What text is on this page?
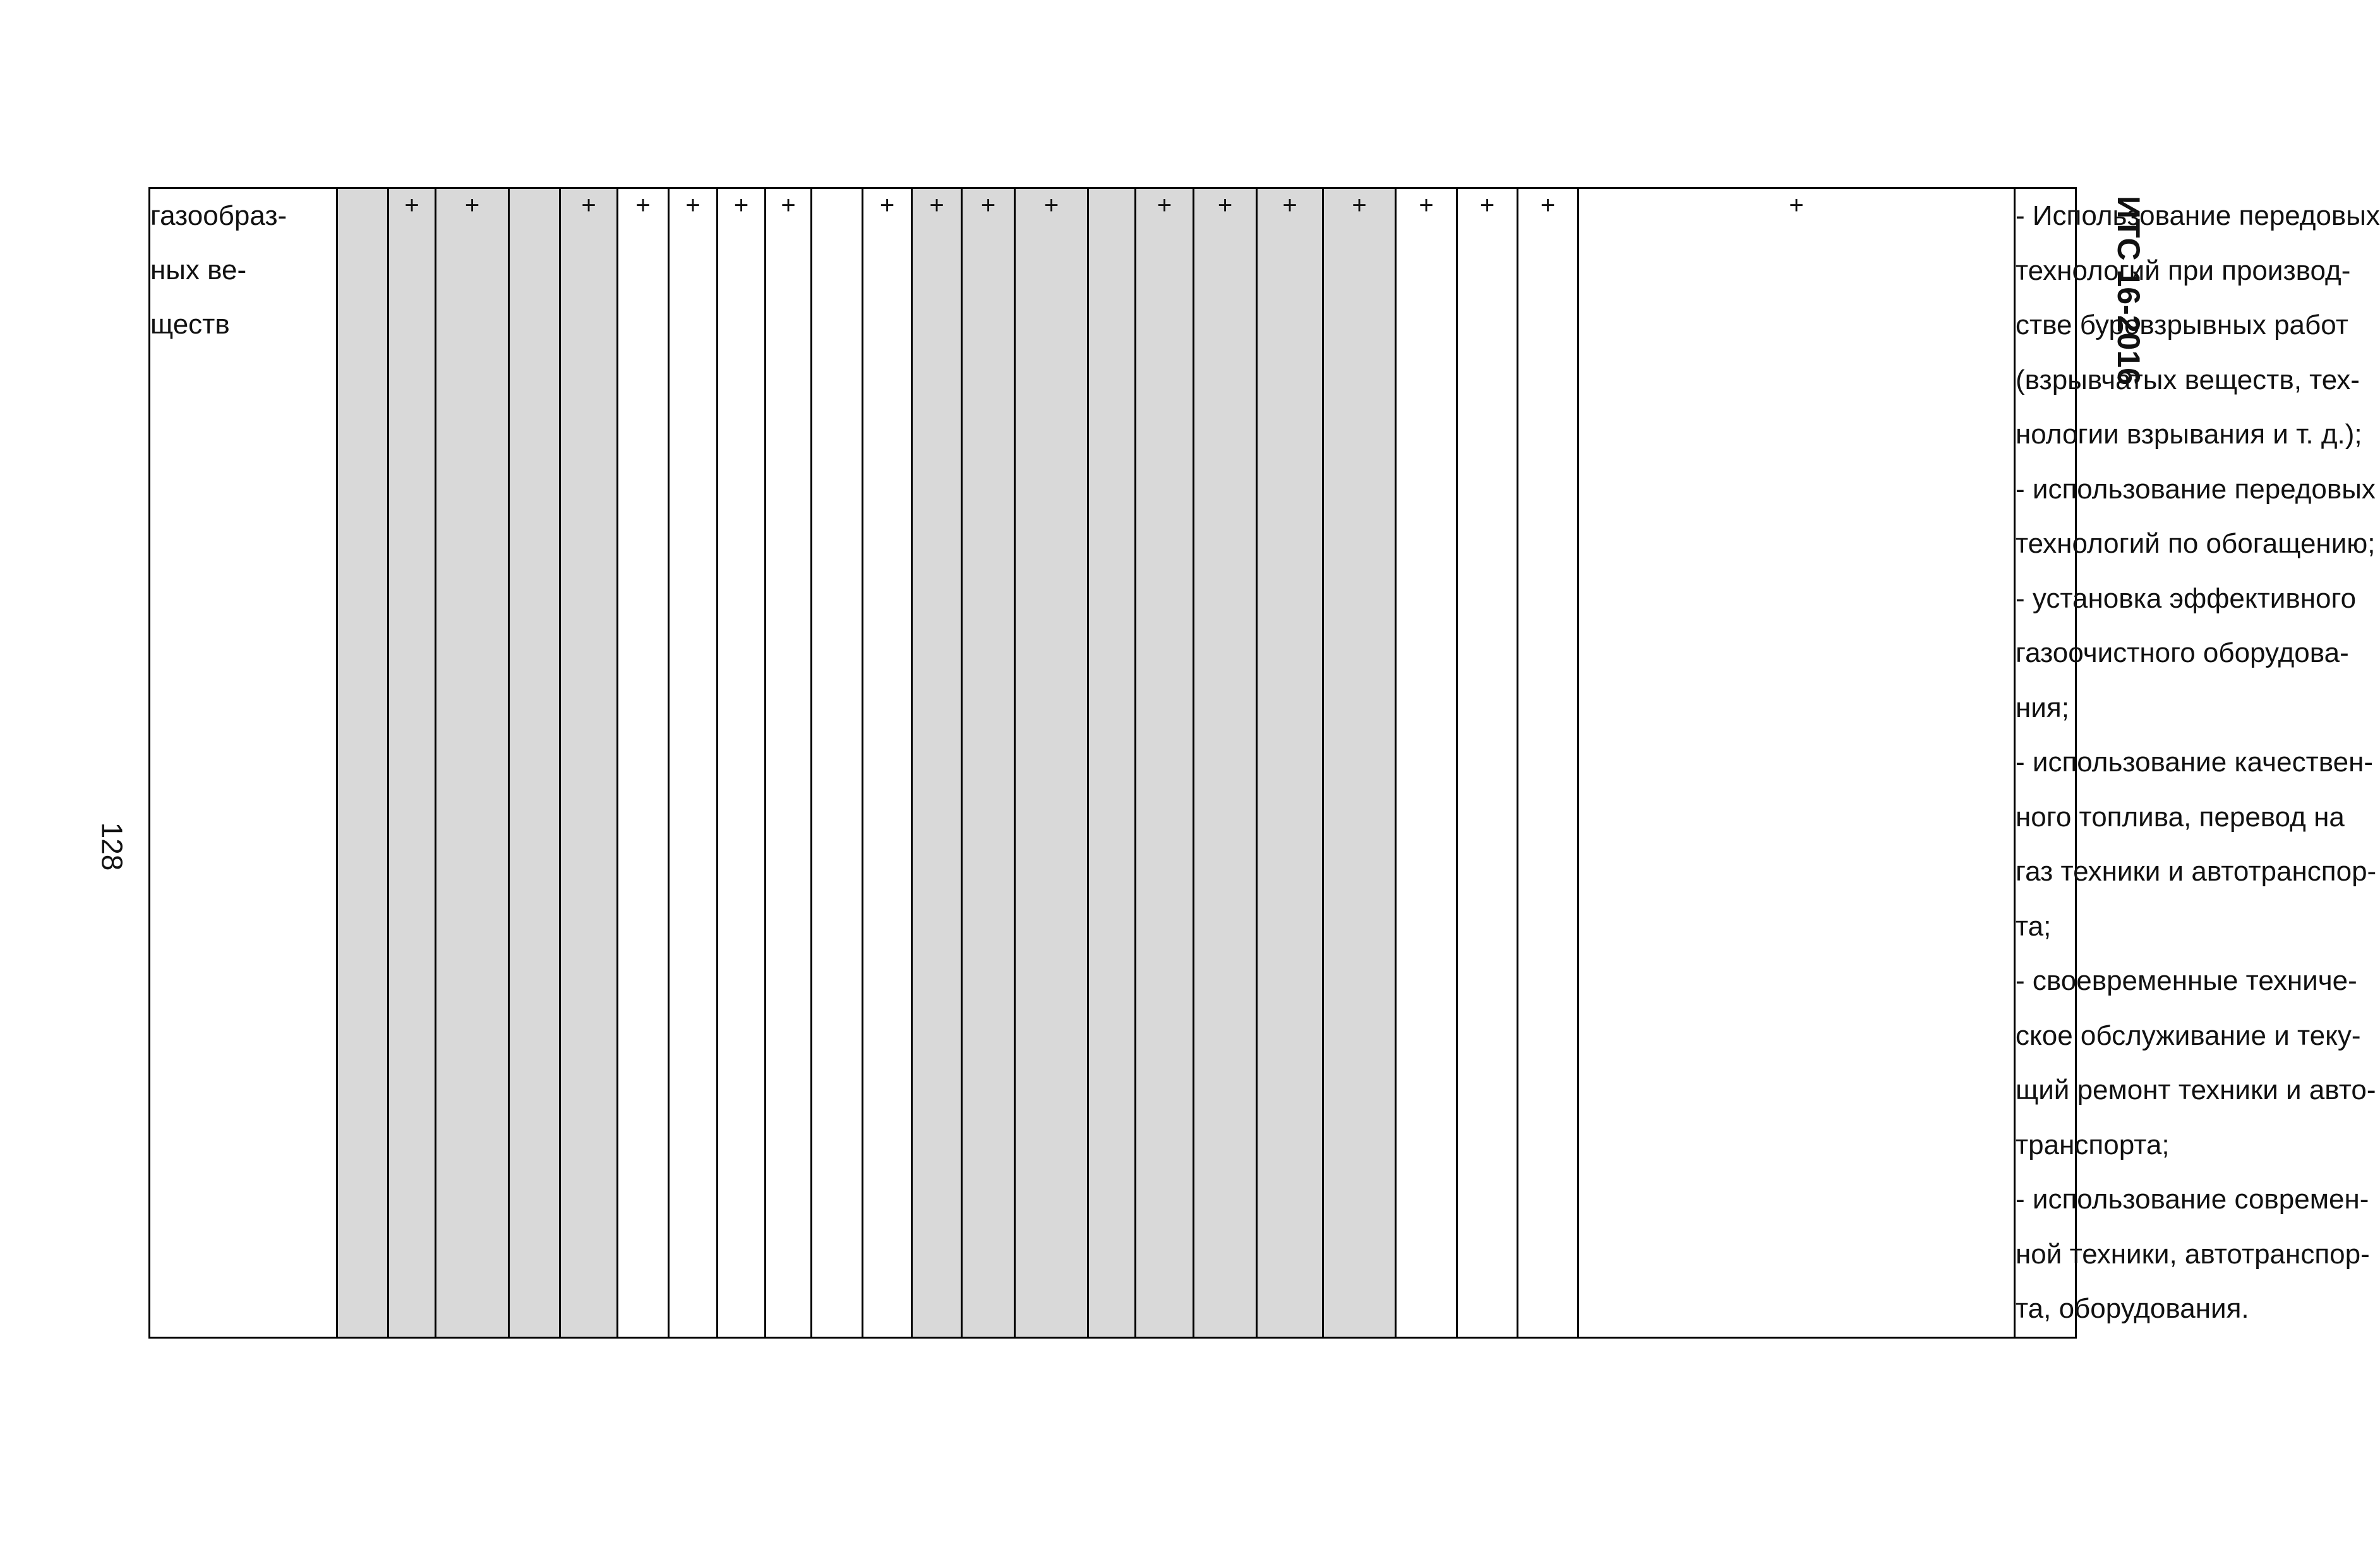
128
ИТС 16-2016
газообраз-
ных ве-
ществ
		+	+		+	+	+	+	+		+	+	+	+		+	+	+	+	+	+	+	+	- Использование передовых
технологий при производ-
стве буровзрывных работ
(взрывчатых веществ, тех-
нологии взрывания и т. д.);
- использование передовых
технологий по обогащению;
- установка эффективного
газоочистного оборудова-
ния;
- использование качествен-
ного топлива, перевод на
газ техники и автотранспор-
та;
- своевременные техниче-
ское обслуживание и теку-
щий ремонт техники и авто-
транспорта;
- использование современ-
ной техники, автотранспор-
та, оборудования.
